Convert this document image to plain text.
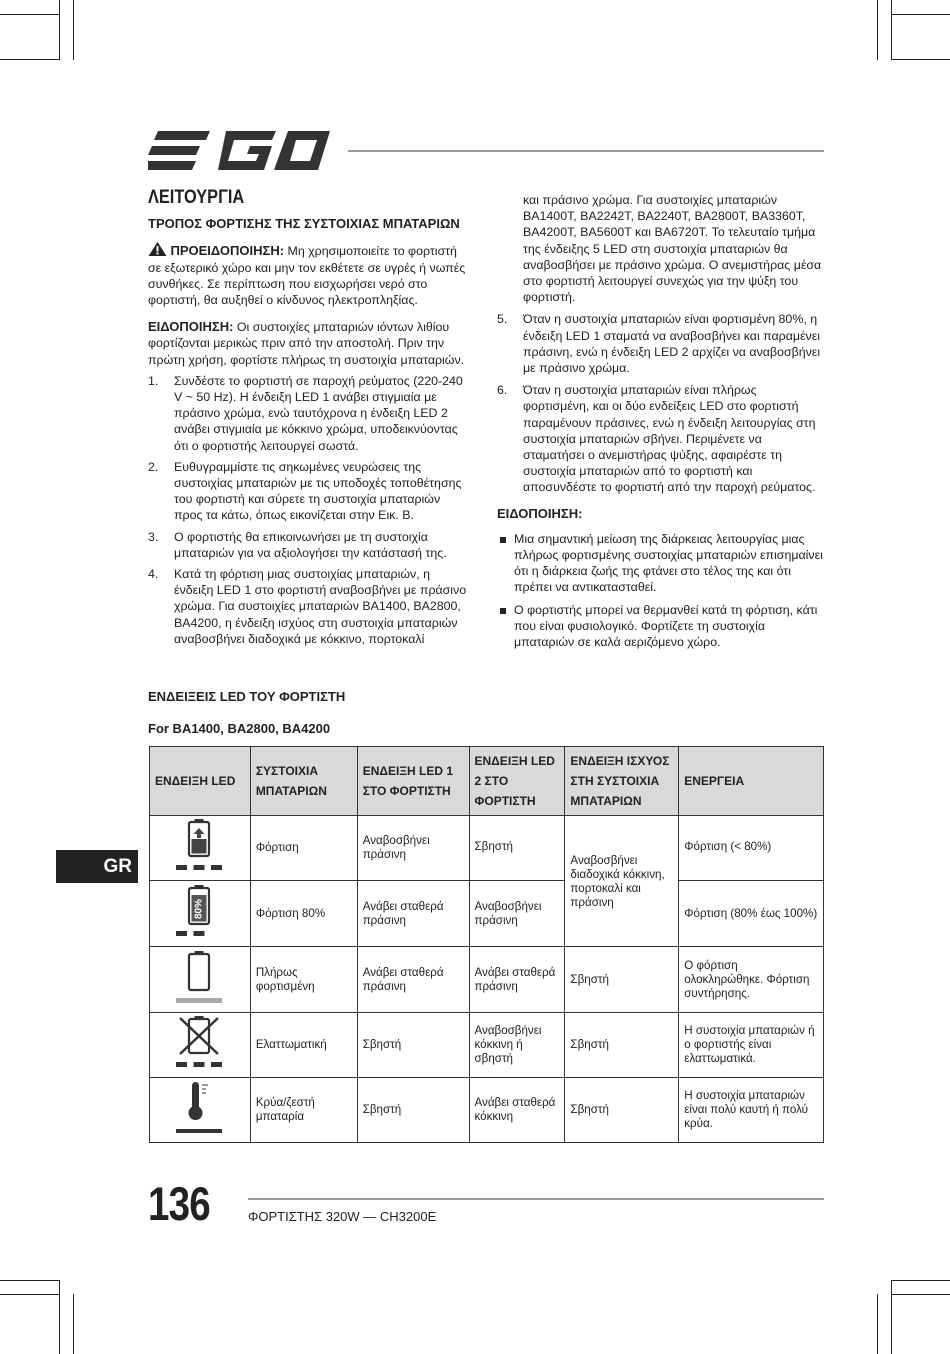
ΛΕΙΤΟΥΡΓΙΑ

ΤΡΟΠΟΣ ΦΟΡΤΙΣΗΣ ΤΗΣ ΣΥΣΤΟΙΧΙΑΣ ΜΠΑΤΑΡΙΩΝ

ΠΡΟΕΙΔΟΠΟΙΗΣΗ: Μη χρησιμοποιείτε το φορτιστή σε εξωτερικό χώρο και μην τον εκθέτετε σε υγρές ή νωπές συνθήκες. Σε περίπτωση που εισχωρήσει νερό στο φορτιστή, θα αυξηθεί ο κίνδυνος ηλεκτροπληξίας.

ΕΙΔΟΠΟΙΗΣΗ: Οι συστοιχίες μπαταριών ιόντων λιθίου φορτίζονται μερικώς πριν από την αποστολή. Πριν την πρώτη χρήση, φορτίστε πλήρως τη συστοιχία μπαταριών.

1. Συνδέστε το φορτιστή σε παροχή ρεύματος (220-240 V ~ 50 Hz). Η ένδειξη LED 1 ανάβει στιγμιαία με πράσινο χρώμα, ενώ ταυτόχρονα η ένδειξη LED 2 ανάβει στιγμιαία με κόκκινο χρώμα, υποδεικνύοντας ότι ο φορτιστής λειτουργεί σωστά.
2. Ευθυγραμμίστε τις σηκωμένες νευρώσεις της συστοιχίας μπαταριών με τις υποδοχές τοποθέτησης του φορτιστή και σύρετε τη συστοιχία μπαταριών προς τα κάτω, όπως εικονίζεται στην Εικ. B.
3. Ο φορτιστής θα επικοινωνήσει με τη συστοιχία μπαταριών για να αξιολογήσει την κατάστασή της.
4. Κατά τη φόρτιση μιας συστοιχίας μπαταριών, η ένδειξη LED 1 στο φορτιστή αναβοσβήνει με πράσινο χρώμα. Για συστοιχίες μπαταριών BA1400, BA2800, BA4200, η ένδειξη ισχύος στη συστοιχία μπαταριών αναβοσβήνει διαδοχικά με κόκκινο, πορτοκαλί

και πράσινο χρώμα. Για συστοιχίες μπαταριών BA1400T, BA2242T, BA2240T, BA2800T, BA3360T, BA4200T, BA5600T και BA6720T. Το τελευταίο τμήμα της ένδειξης 5 LED στη συστοιχία μπαταριών θα αναβοσβήσει με πράσινο χρώμα. Ο ανεμιστήρας μέσα στο φορτιστή λειτουργεί συνεχώς για την ψύξη του φορτιστή.

5. Όταν η συστοιχία μπαταριών είναι φορτισμένη 80%, η ένδειξη LED 1 σταματά να αναβοσβήνει και παραμένει πράσινη, ενώ η ένδειξη LED 2 αρχίζει να αναβοσβήνει με πράσινο χρώμα.
6. Όταν η συστοιχία μπαταριών είναι πλήρως φορτισμένη, και οι δύο ενδείξεις LED στο φορτιστή παραμένουν πράσινες, ενώ η ένδειξη λειτουργίας στη συστοιχία μπαταριών σβήνει. Περιμένετε να σταματήσει ο ανεμιστήρας ψύξης, αφαιρέστε τη συστοιχία μπαταριών από το φορτιστή και αποσυνδέστε το φορτιστή από την παροχή ρεύματος.

ΕΙΔΟΠΟΙΗΣΗ:

Μια σημαντική μείωση της διάρκειας λειτουργίας μιας πλήρως φορτισμένης συστοιχίας μπαταριών επισημαίνει ότι η διάρκεια ζωής της φτάνει στο τέλος της και ότι πρέπει να αντικατασταθεί.
Ο φορτιστής μπορεί να θερμανθεί κατά τη φόρτιση, κάτι που είναι φυσιολογικό. Φορτίζετε τη συστοιχία μπαταριών σε καλά αεριζόμενο χώρο.

ΕΝΔΕΙΞΕΙΣ LED ΤΟΥ ΦΟΡΤΙΣΤΗ

For BA1400, BA2800, BA4200

GR
ΕΝΔΕΙΞΗ LED	ΣΥΣΤΟΙΧΙΑ ΜΠΑΤΑΡΙΩΝ	ΕΝΔΕΙΞΗ LED 1 ΣΤΟ ΦΟΡΤΙΣΤΗ	ΕΝΔΕΙΞΗ LED 2 ΣΤΟ ΦΟΡΤΙΣΤΗ	ΕΝΔΕΙΞΗ ΙΣΧΥΟΣ ΣΤΗ ΣΥΣΤΟΙΧΙΑ ΜΠΑΤΑΡΙΩΝ	ΕΝΕΡΓΕΙΑ
	Φόρτιση	Αναβοσβήνει πράσινη	Σβηστή	Αναβοσβήνει διαδοχικά κόκκινη, πορτοκαλί και πράσινη	Φόρτιση (< 80%)

80%	Φόρτιση 80%	Ανάβει σταθερά πράσινη	Αναβοσβήνει πράσινη		Φόρτιση (80% έως 100%)
	Πλήρως φορτισμένη	Ανάβει σταθερά πράσινη	Ανάβει σταθερά πράσινη	Σβηστή	Ο φόρτιση ολοκληρώθηκε. Φόρτιση συντήρησης.
	Ελαττωματική	Σβηστή	Αναβοσβήνει κόκκινη ή σβηστή	Σβηστή	Η συστοιχία μπαταριών ή ο φορτιστής είναι ελαττωματικά.
	Κρύα/ζεστή μπαταρία	Σβηστή	Ανάβει σταθερά κόκκινη	Σβηστή	Η συστοιχία μπαταριών είναι πολύ καυτή ή πολύ κρύα.
136	ΦΟΡΤΙΣΤΗΣ 320W — CH3200E
